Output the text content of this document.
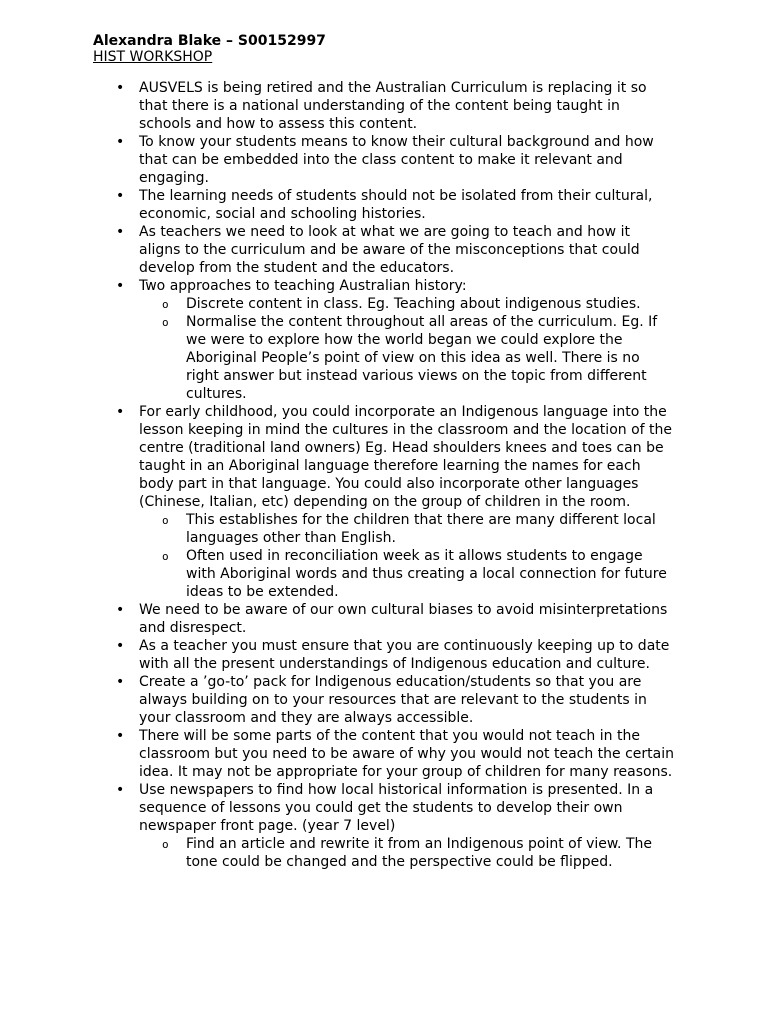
Alexandra Blake – S00152997
HIST WORKSHOP
• AUSVELS is being retired and the Australian Curriculum is replacing it so that there is a national understanding of the content being taught in schools and how to assess this content.
• To know your students means to know their cultural background and how that can be embedded into the class content to make it relevant and engaging.
• The learning needs of students should not be isolated from their cultural, economic, social and schooling histories.
• As teachers we need to look at what we are going to teach and how it aligns to the curriculum and be aware of the misconceptions that could develop from the student and the educators.
• Two approaches to teaching Australian history:
o Discrete content in class. Eg. Teaching about indigenous studies.
o Normalise the content throughout all areas of the curriculum. Eg. If we were to explore how the world began we could explore the Aboriginal People’s point of view on this idea as well. There is no right answer but instead various views on the topic from different cultures.
• For early childhood, you could incorporate an Indigenous language into the lesson keeping in mind the cultures in the classroom and the location of the centre (traditional land owners) Eg. Head shoulders knees and toes can be taught in an Aboriginal language therefore learning the names for each body part in that language. You could also incorporate other languages (Chinese, Italian, etc) depending on the group of children in the room.
o This establishes for the children that there are many different local languages other than English.
o Often used in reconciliation week as it allows students to engage with Aboriginal words and thus creating a local connection for future ideas to be extended.
• We need to be aware of our own cultural biases to avoid misinterpretations and disrespect.
• As a teacher you must ensure that you are continuously keeping up to date with all the present understandings of Indigenous education and culture.
• Create a ’go-to’ pack for Indigenous education/students so that you are always building on to your resources that are relevant to the students in your classroom and they are always accessible.
• There will be some parts of the content that you would not teach in the classroom but you need to be aware of why you would not teach the certain idea. It may not be appropriate for your group of children for many reasons.
• Use newspapers to find how local historical information is presented. In a sequence of lessons you could get the students to develop their own newspaper front page. (year 7 level)
o Find an article and rewrite it from an Indigenous point of view. The tone could be changed and the perspective could be flipped.
